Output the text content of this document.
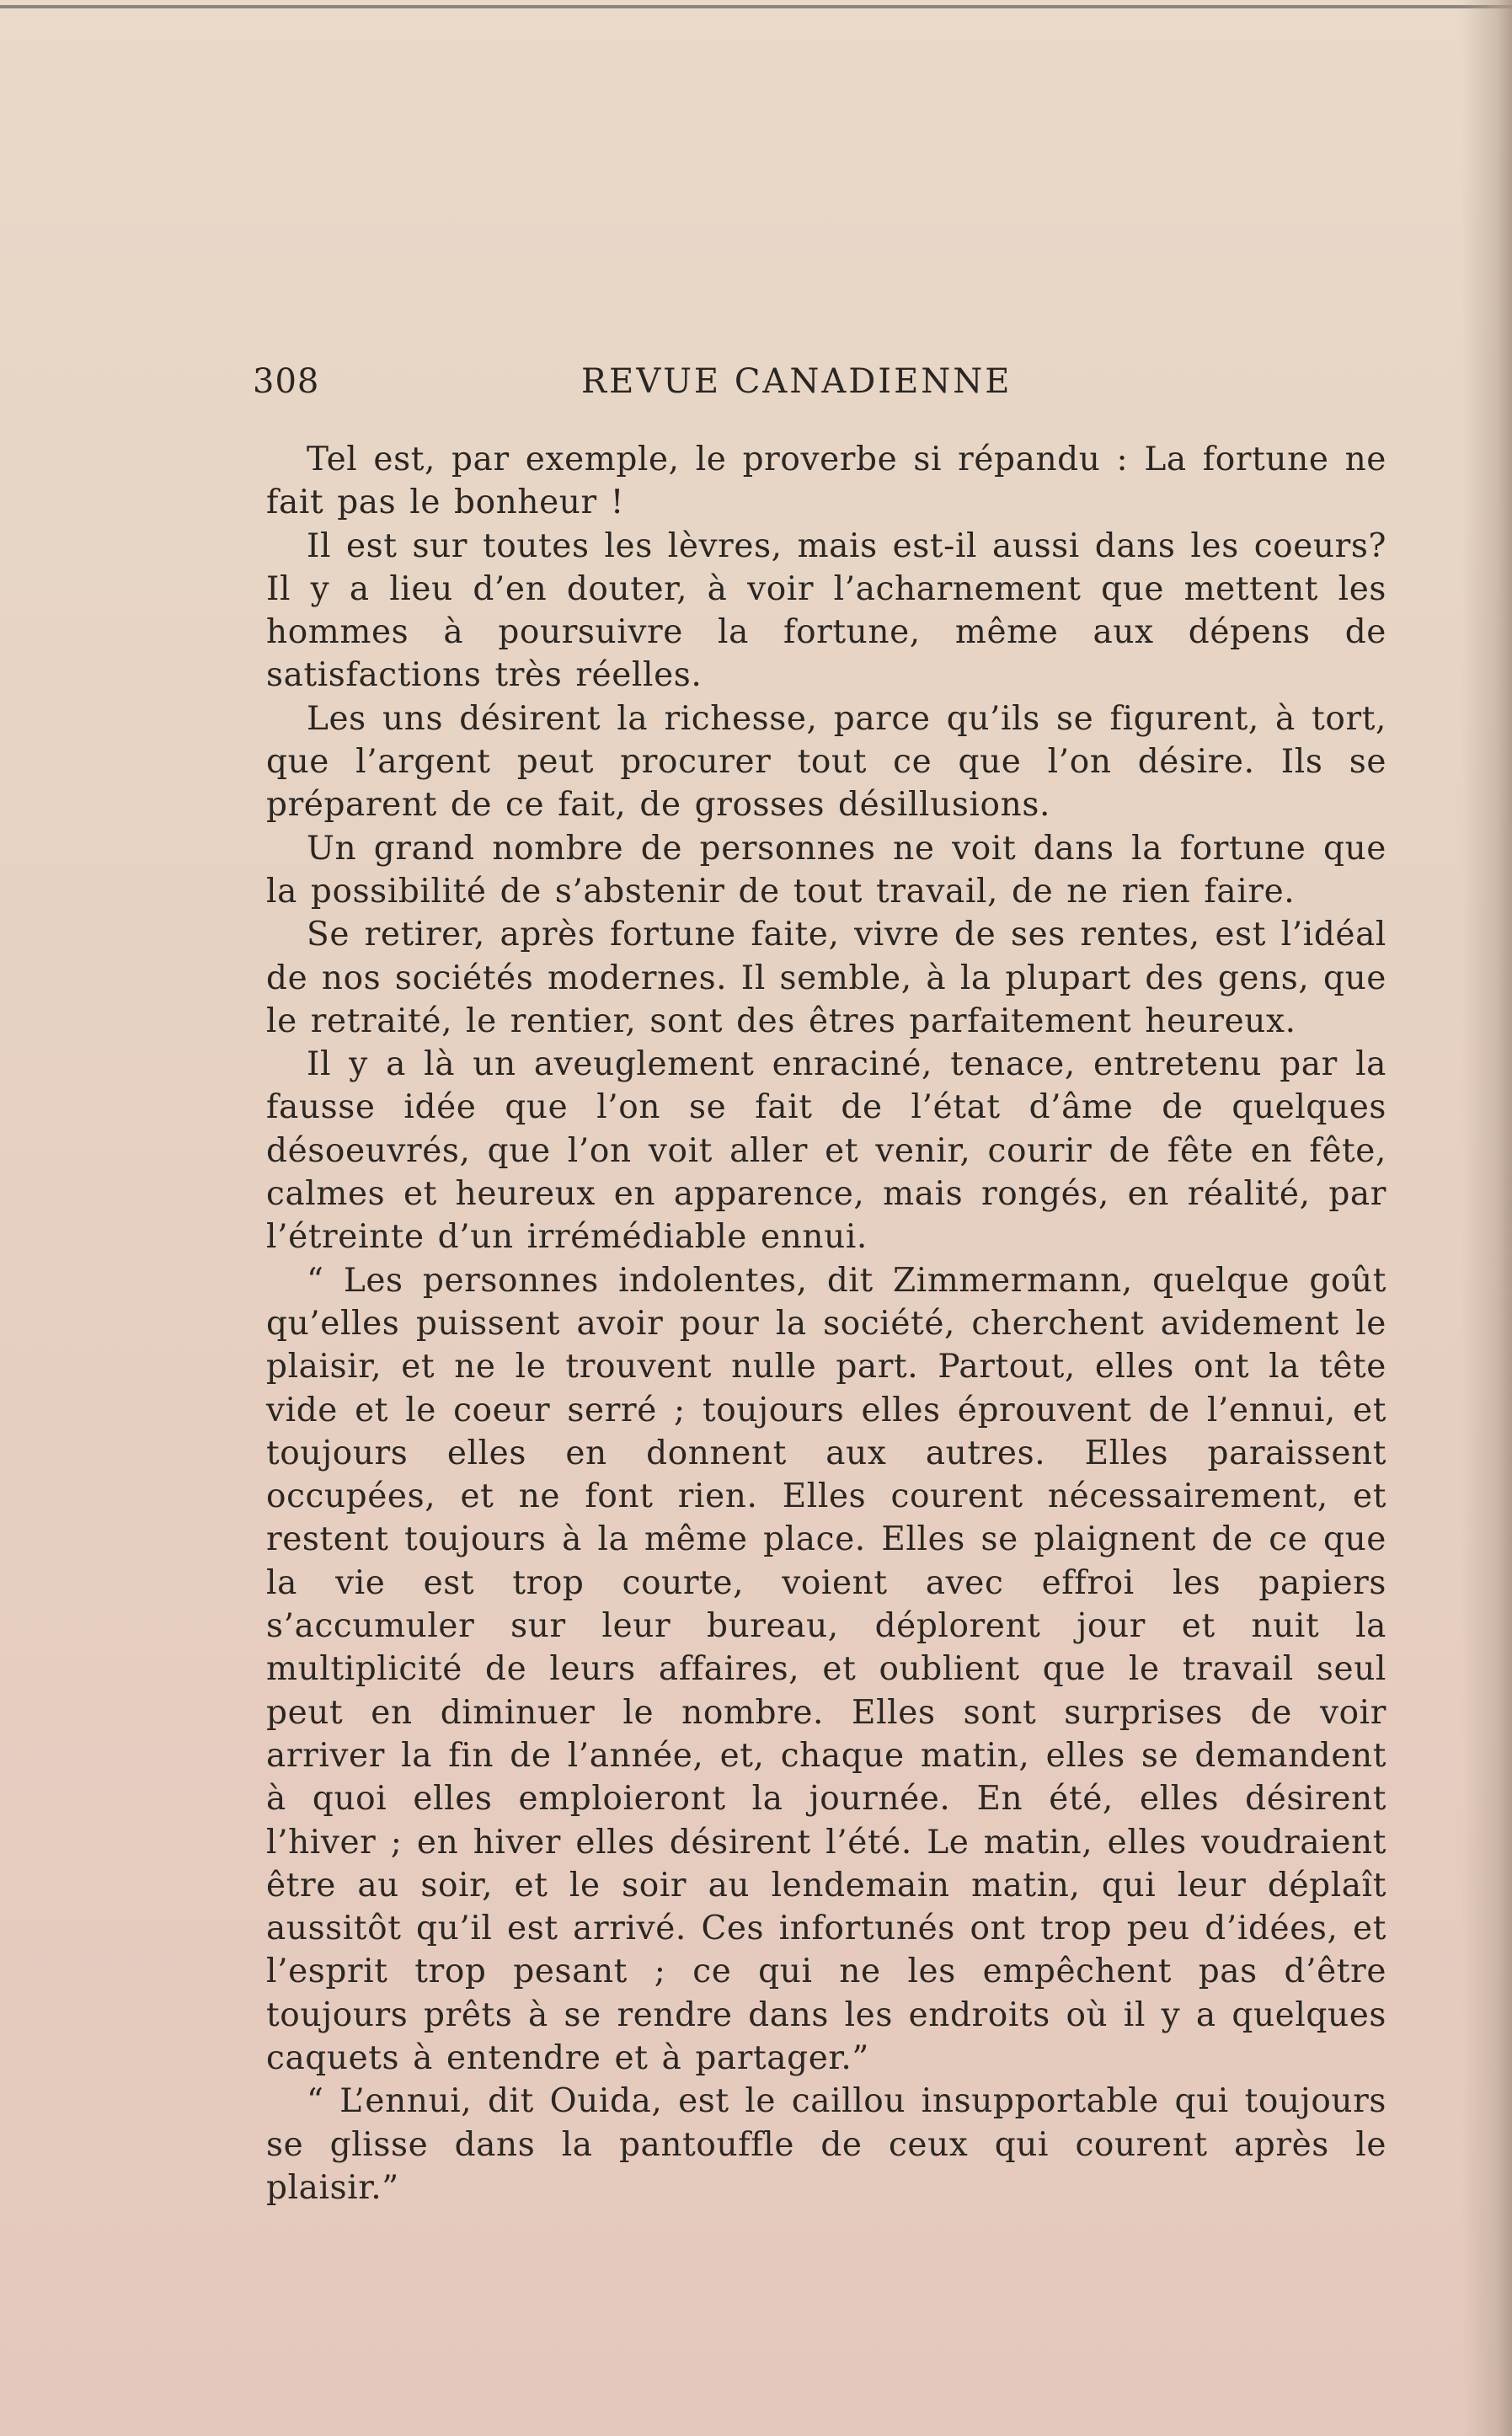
308	REVUE CANADIENNE

Tel est, par exemple, le proverbe si répandu : La fortune ne fait pas le bonheur !

Il est sur toutes les lèvres, mais est-il aussi dans les coeurs? Il y a lieu d’en douter, à voir l’acharnement que mettent les hommes à poursuivre la fortune, même aux dépens de satisfactions très réelles.

Les uns désirent la richesse, parce qu’ils se figurent, à tort, que l’argent peut procurer tout ce que l’on désire. Ils se préparent de ce fait, de grosses désillusions.

Un grand nombre de personnes ne voit dans la fortune que la possibilité de s’abstenir de tout travail, de ne rien faire.

Se retirer, après fortune faite, vivre de ses rentes, est l’idéal de nos sociétés modernes. Il semble, à la plupart des gens, que le retraité, le rentier, sont des êtres parfaitement heureux.

Il y a là un aveuglement enraciné, tenace, entretenu par la fausse idée que l’on se fait de l’état d’âme de quelques désoeuvrés, que l’on voit aller et venir, courir de fête en fête, calmes et heureux en apparence, mais rongés, en réalité, par l’étreinte d’un irrémédiable ennui.

“ Les personnes indolentes, dit Zimmermann, quelque goût qu’elles puissent avoir pour la société, cherchent avidement le plaisir, et ne le trouvent nulle part. Partout, elles ont la tête vide et le coeur serré ; toujours elles éprouvent de l’ennui, et toujours elles en donnent aux autres. Elles paraissent occupées, et ne font rien. Elles courent nécessairement, et restent toujours à la même place. Elles se plaignent de ce que la vie est trop courte, voient avec effroi les papiers s’accumuler sur leur bureau, déplorent jour et nuit la multiplicité de leurs affaires, et oublient que le travail seul peut en diminuer le nombre. Elles sont surprises de voir arriver la fin de l’année, et, chaque matin, elles se demandent à quoi elles emploieront la journée. En été, elles désirent l’hiver ; en hiver elles désirent l’été. Le matin, elles voudraient être au soir, et le soir au lendemain matin, qui leur déplaît aussitôt qu’il est arrivé. Ces infortunés ont trop peu d’idées, et l’esprit trop pesant ; ce qui ne les empêchent pas d’être toujours prêts à se rendre dans les endroits où il y a quelques caquets à entendre et à partager.”

“ L’ennui, dit Ouida, est le caillou insupportable qui toujours se glisse dans la pantouffle de ceux qui courent après le plaisir.”
